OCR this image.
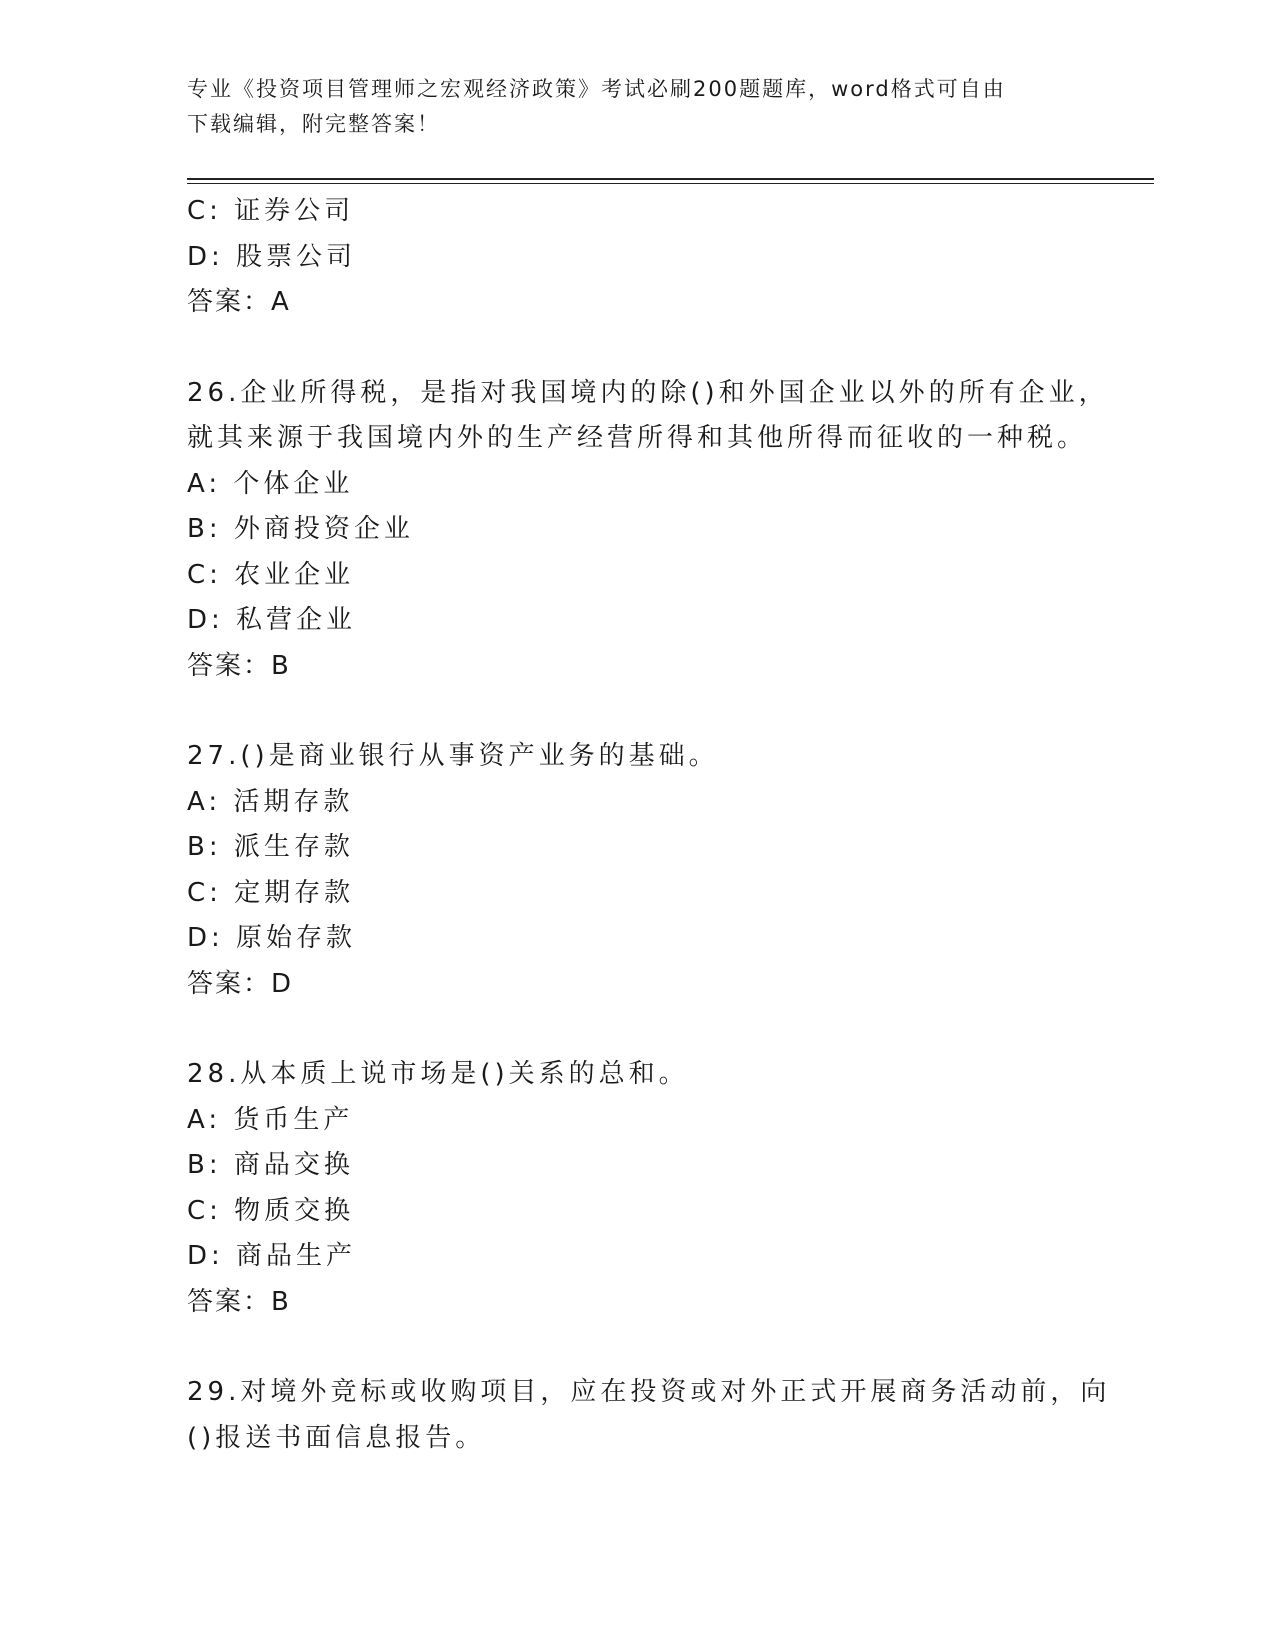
专业《投资项目管理师之宏观经济政策》考试必刷200题题库，word格式可自由
下载编辑，附完整答案！
C: 证券公司
D: 股票公司
答案：A
26.企业所得税，是指对我国境内的除()和外国企业以外的所有企业，
就其来源于我国境内外的生产经营所得和其他所得而征收的一种税。
A: 个体企业
B: 外商投资企业
C: 农业企业
D: 私营企业
答案：B
27.()是商业银行从事资产业务的基础。
A: 活期存款
B: 派生存款
C: 定期存款
D: 原始存款
答案：D
28.从本质上说市场是()关系的总和。
A: 货币生产
B: 商品交换
C: 物质交换
D: 商品生产
答案：B
29.对境外竞标或收购项目，应在投资或对外正式开展商务活动前，向
()报送书面信息报告。
